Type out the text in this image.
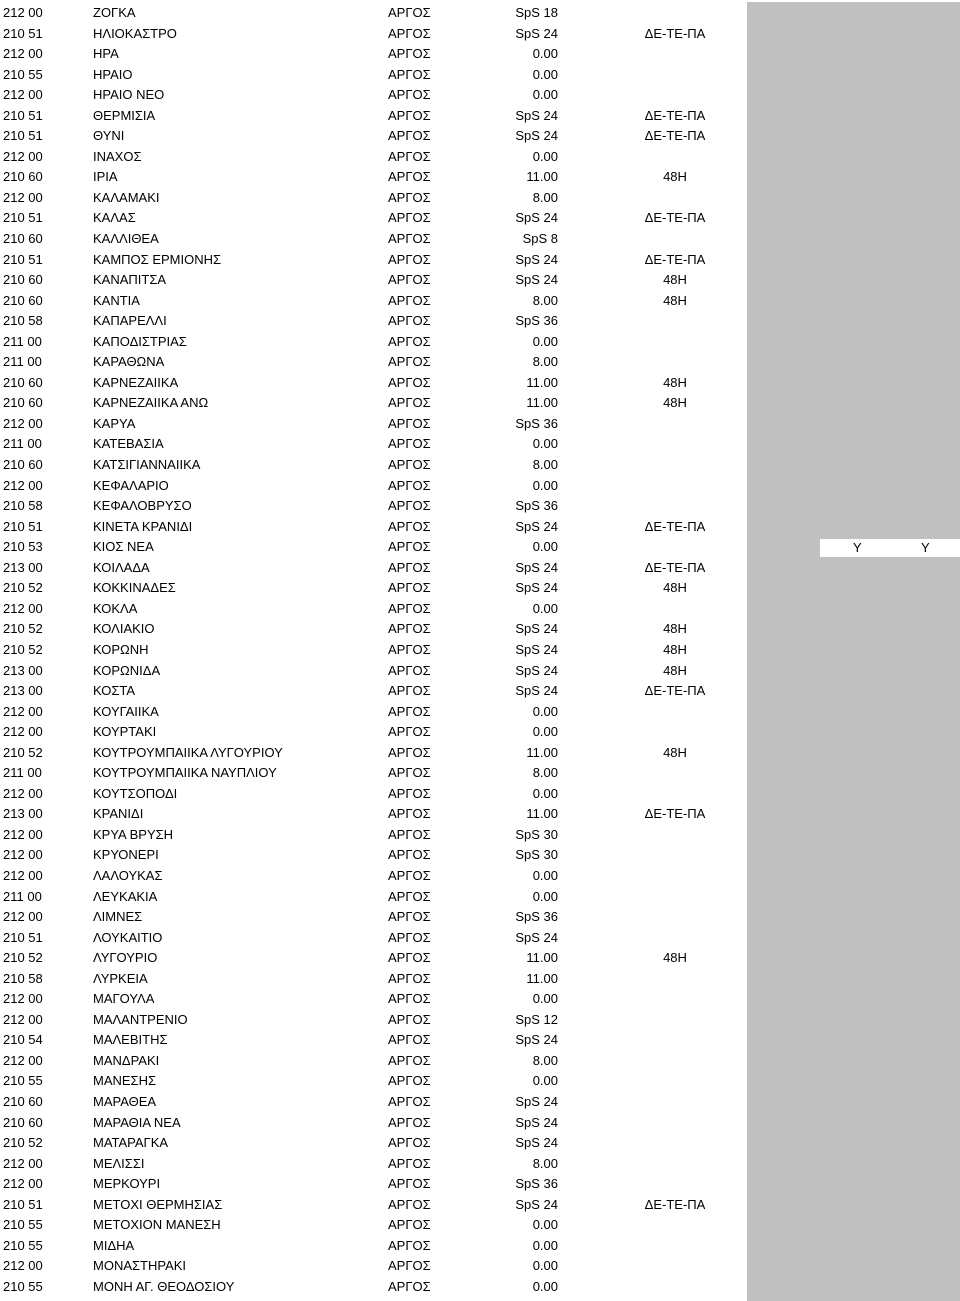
Υ	Υ
212 00	ΖΟΓΚΑ	ΑΡΓΟΣ	SpS 18
210 51	ΗΛΙΟΚΑΣΤΡΟ	ΑΡΓΟΣ	SpS 24	ΔΕ-ΤΕ-ΠΑ
212 00	ΗΡΑ	ΑΡΓΟΣ	0.00
210 55	ΗΡΑΙΟ	ΑΡΓΟΣ	0.00
212 00	ΗΡΑΙΟ ΝΕΟ	ΑΡΓΟΣ	0.00
210 51	ΘΕΡΜΙΣΙΑ	ΑΡΓΟΣ	SpS 24	ΔΕ-ΤΕ-ΠΑ
210 51	ΘΥΝΙ	ΑΡΓΟΣ	SpS 24	ΔΕ-ΤΕ-ΠΑ
212 00	ΙΝΑΧΟΣ	ΑΡΓΟΣ	0.00
210 60	ΙΡΙΑ	ΑΡΓΟΣ	11.00	48Η
212 00	ΚΑΛΑΜΑΚΙ	ΑΡΓΟΣ	8.00
210 51	ΚΑΛΑΣ	ΑΡΓΟΣ	SpS 24	ΔΕ-ΤΕ-ΠΑ
210 60	ΚΑΛΛΙΘΕΑ	ΑΡΓΟΣ	SpS 8
210 51	ΚΑΜΠΟΣ ΕΡΜΙΟΝΗΣ	ΑΡΓΟΣ	SpS 24	ΔΕ-ΤΕ-ΠΑ
210 60	ΚΑΝΑΠΙΤΣΑ	ΑΡΓΟΣ	SpS 24	48Η
210 60	ΚΑΝΤΙΑ	ΑΡΓΟΣ	8.00	48Η
210 58	ΚΑΠΑΡΕΛΛΙ	ΑΡΓΟΣ	SpS 36
211 00	ΚΑΠΟΔΙΣΤΡΙΑΣ	ΑΡΓΟΣ	0.00
211 00	ΚΑΡΑΘΩΝΑ	ΑΡΓΟΣ	8.00
210 60	ΚΑΡΝΕΖΑΙΙΚΑ	ΑΡΓΟΣ	11.00	48Η
210 60	ΚΑΡΝΕΖΑΙΙΚΑ ΑΝΩ	ΑΡΓΟΣ	11.00	48Η
212 00	ΚΑΡΥΑ	ΑΡΓΟΣ	SpS 36
211 00	ΚΑΤΕΒΑΣΙΑ	ΑΡΓΟΣ	0.00
210 60	ΚΑΤΣΙΓΙΑΝΝΑΙΙΚΑ	ΑΡΓΟΣ	8.00
212 00	ΚΕΦΑΛΑΡΙΟ	ΑΡΓΟΣ	0.00
210 58	ΚΕΦΑΛΟΒΡΥΣΟ	ΑΡΓΟΣ	SpS 36
210 51	ΚΙΝΕΤΑ ΚΡΑΝΙΔΙ	ΑΡΓΟΣ	SpS 24	ΔΕ-ΤΕ-ΠΑ
210 53	ΚΙΟΣ ΝΕΑ	ΑΡΓΟΣ	0.00
213 00	ΚΟΙΛΑΔΑ	ΑΡΓΟΣ	SpS 24	ΔΕ-ΤΕ-ΠΑ
210 52	ΚΟΚΚΙΝΑΔΕΣ	ΑΡΓΟΣ	SpS 24	48Η
212 00	ΚΟΚΛΑ	ΑΡΓΟΣ	0.00
210 52	ΚΟΛΙΑΚΙΟ	ΑΡΓΟΣ	SpS 24	48Η
210 52	ΚΟΡΩΝΗ	ΑΡΓΟΣ	SpS 24	48Η
213 00	ΚΟΡΩΝΙΔΑ	ΑΡΓΟΣ	SpS 24	48Η
213 00	ΚΟΣΤΑ	ΑΡΓΟΣ	SpS 24	ΔΕ-ΤΕ-ΠΑ
212 00	ΚΟΥΓΑΙΙΚΑ	ΑΡΓΟΣ	0.00
212 00	ΚΟΥΡΤΑΚΙ	ΑΡΓΟΣ	0.00
210 52	ΚΟΥΤΡΟΥΜΠΑΙΙΚΑ ΛΥΓΟΥΡΙΟΥ	ΑΡΓΟΣ	11.00	48Η
211 00	ΚΟΥΤΡΟΥΜΠΑΙΙΚΑ ΝΑΥΠΛΙΟΥ	ΑΡΓΟΣ	8.00
212 00	ΚΟΥΤΣΟΠΟΔΙ	ΑΡΓΟΣ	0.00
213 00	ΚΡΑΝΙΔΙ	ΑΡΓΟΣ	11.00	ΔΕ-ΤΕ-ΠΑ
212 00	ΚΡΥΑ ΒΡΥΣΗ	ΑΡΓΟΣ	SpS 30
212 00	ΚΡΥΟΝΕΡΙ	ΑΡΓΟΣ	SpS 30
212 00	ΛΑΛΟΥΚΑΣ	ΑΡΓΟΣ	0.00
211 00	ΛΕΥΚΑΚΙΑ	ΑΡΓΟΣ	0.00
212 00	ΛΙΜΝΕΣ	ΑΡΓΟΣ	SpS 36
210 51	ΛΟΥΚΑΙΤΙΟ	ΑΡΓΟΣ	SpS 24
210 52	ΛΥΓΟΥΡΙΟ	ΑΡΓΟΣ	11.00	48Η
210 58	ΛΥΡΚΕΙΑ	ΑΡΓΟΣ	11.00
212 00	ΜΑΓΟΥΛΑ	ΑΡΓΟΣ	0.00
212 00	ΜΑΛΑΝΤΡΕΝΙΟ	ΑΡΓΟΣ	SpS 12
210 54	ΜΑΛΕΒΙΤΗΣ	ΑΡΓΟΣ	SpS 24
212 00	ΜΑΝΔΡΑΚΙ	ΑΡΓΟΣ	8.00
210 55	ΜΑΝΕΣΗΣ	ΑΡΓΟΣ	0.00
210 60	ΜΑΡΑΘΕΑ	ΑΡΓΟΣ	SpS 24
210 60	ΜΑΡΑΘΙΑ ΝΕΑ	ΑΡΓΟΣ	SpS 24
210 52	ΜΑΤΑΡΑΓΚΑ	ΑΡΓΟΣ	SpS 24
212 00	ΜΕΛΙΣΣΙ	ΑΡΓΟΣ	8.00
212 00	ΜΕΡΚΟΥΡΙ	ΑΡΓΟΣ	SpS 36
210 51	ΜΕΤΟΧΙ ΘΕΡΜΗΣΙΑΣ	ΑΡΓΟΣ	SpS 24	ΔΕ-ΤΕ-ΠΑ
210 55	ΜΕΤΟΧΙΟΝ ΜΑΝΕΣΗ	ΑΡΓΟΣ	0.00
210 55	ΜΙΔΗΑ	ΑΡΓΟΣ	0.00
212 00	ΜΟΝΑΣΤΗΡΑΚΙ	ΑΡΓΟΣ	0.00
210 55	ΜΟΝΗ ΑΓ. ΘΕΟΔΟΣΙΟΥ	ΑΡΓΟΣ	0.00
